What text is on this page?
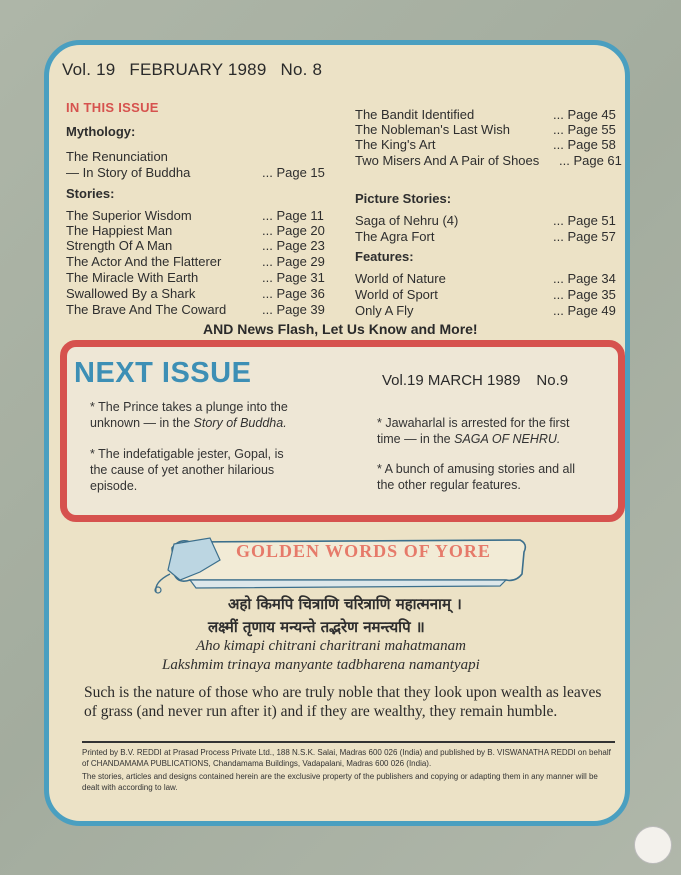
Vol. 19 FEBRUARY 1989 No. 8
IN THIS ISSUE
Mythology:
The Renunciation
— In Story of Buddha	... Page 15
Stories:
The Superior Wisdom	... Page 11
The Happiest Man	... Page 20
Strength Of A Man	... Page 23
The Actor And the Flatterer	... Page 29
The Miracle With Earth	... Page 31
Swallowed By a Shark	... Page 36
The Brave And The Coward	... Page 39
The Bandit Identified	... Page 45
The Nobleman's Last Wish	... Page 55
The King's Art	... Page 58
Two Misers And A Pair of Shoes ... Page 61
Picture Stories:
Saga of Nehru (4)	... Page 51
The Agra Fort	... Page 57
Features:
World of Nature	... Page 34
World of Sport	... Page 35
Only A Fly	... Page 49
AND News Flash, Let Us Know and More!
NEXT ISSUE	Vol.19 MARCH 1989 No.9
* The Prince takes a plunge into the
unknown — in the Story of Buddha.
* The indefatigable jester, Gopal, is
the cause of yet another hilarious
episode.
* Jawaharlal is arrested for the first
time — in the SAGA OF NEHRU.
* A bunch of amusing stories and all
the other regular features.
GOLDEN WORDS OF YORE
अहो किमपि चित्राणि चरित्राणि महात्मनाम् ।
लक्ष्मीं तृणाय मन्यन्ते तद्भरेण नमन्त्यपि ॥
Aho kimapi chitrani charitrani mahatmanam
Lakshmim trinaya manyante tadbharena namantyapi
Such is the nature of those who are truly noble that they look upon wealth as leaves of grass (and never run after it) and if they are wealthy, they remain humble.
Printed by B.V. REDDI at Prasad Process Private Ltd., 188 N.S.K. Salai, Madras 600 026 (India) and published by B. VISWANATHA REDDI on behalf of CHANDAMAMA PUBLICATIONS, Chandamama Buildings, Vadapalani, Madras 600 026 (India).
The stories, articles and designs contained herein are the exclusive property of the publishers and copying or adapting them in any manner will be dealt with according to law.
